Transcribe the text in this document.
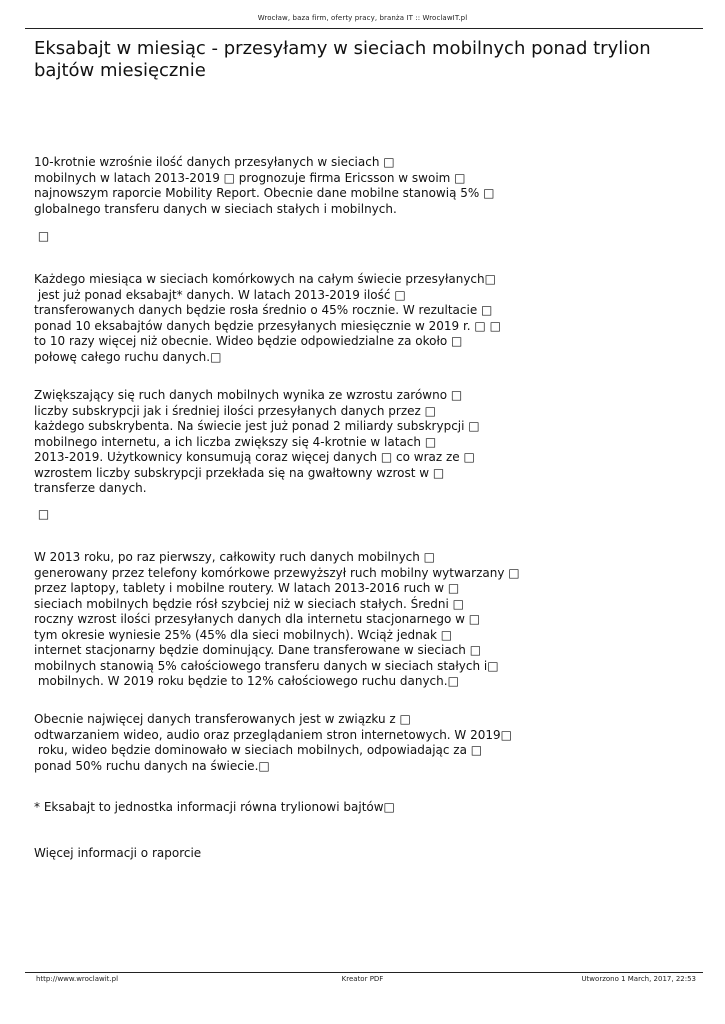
Wrocław, baza firm, oferty pracy, branża IT :: WroclawIT.pl
Eksabajt w miesiąc - przesyłamy w sieciach mobilnych ponad trylion
bajtów miesięcznie
10-krotnie wzrośnie ilość danych przesyłanych w sieciach □
mobilnych w latach 2013-2019 □ prognozuje firma Ericsson w swoim □
najnowszym raporcie Mobility Report. Obecnie dane mobilne stanowią 5% □
globalnego transferu danych w sieciach stałych i mobilnych.
□
Każdego miesiąca w sieciach komórkowych na całym świecie przesyłanych□
jest już ponad eksabajt* danych. W latach 2013-2019 ilość □
transferowanych danych będzie rosła średnio o 45% rocznie. W rezultacie □
ponad 10 eksabajtów danych będzie przesyłanych miesięcznie w 2019 r. □ □
to 10 razy więcej niż obecnie. Wideo będzie odpowiedzialne za około □
połowę całego ruchu danych.□
Zwiększający się ruch danych mobilnych wynika ze wzrostu zarówno □
liczby subskrypcji jak i średniej ilości przesyłanych danych przez □
każdego subskrybenta. Na świecie jest już ponad 2 miliardy subskrypcji □
mobilnego internetu, a ich liczba zwiększy się 4-krotnie w latach □
2013-2019. Użytkownicy konsumują coraz więcej danych □ co wraz ze □
wzrostem liczby subskrypcji przekłada się na gwałtowny wzrost w □
transferze danych.
□
W 2013 roku, po raz pierwszy, całkowity ruch danych mobilnych □
generowany przez telefony komórkowe przewyższył ruch mobilny wytwarzany □
przez laptopy, tablety i mobilne routery. W latach 2013-2016 ruch w □
sieciach mobilnych będzie rósł szybciej niż w sieciach stałych. Średni □
roczny wzrost ilości przesyłanych danych dla internetu stacjonarnego w □
tym okresie wyniesie 25% (45% dla sieci mobilnych). Wciąż jednak □
internet stacjonarny będzie dominujący. Dane transferowane w sieciach □
mobilnych stanowią 5% całościowego transferu danych w sieciach stałych i□
mobilnych. W 2019 roku będzie to 12% całościowego ruchu danych.□
Obecnie najwięcej danych transferowanych jest w związku z □
odtwarzaniem wideo, audio oraz przeglądaniem stron internetowych. W 2019□
roku, wideo będzie dominowało w sieciach mobilnych, odpowiadając za □
ponad 50% ruchu danych na świecie.□
* Eksabajt to jednostka informacji równa trylionowi bajtów□
Więcej informacji o raporcie
http://www.wroclawit.pl	Kreator PDF	Utworzono 1 March, 2017, 22:53
